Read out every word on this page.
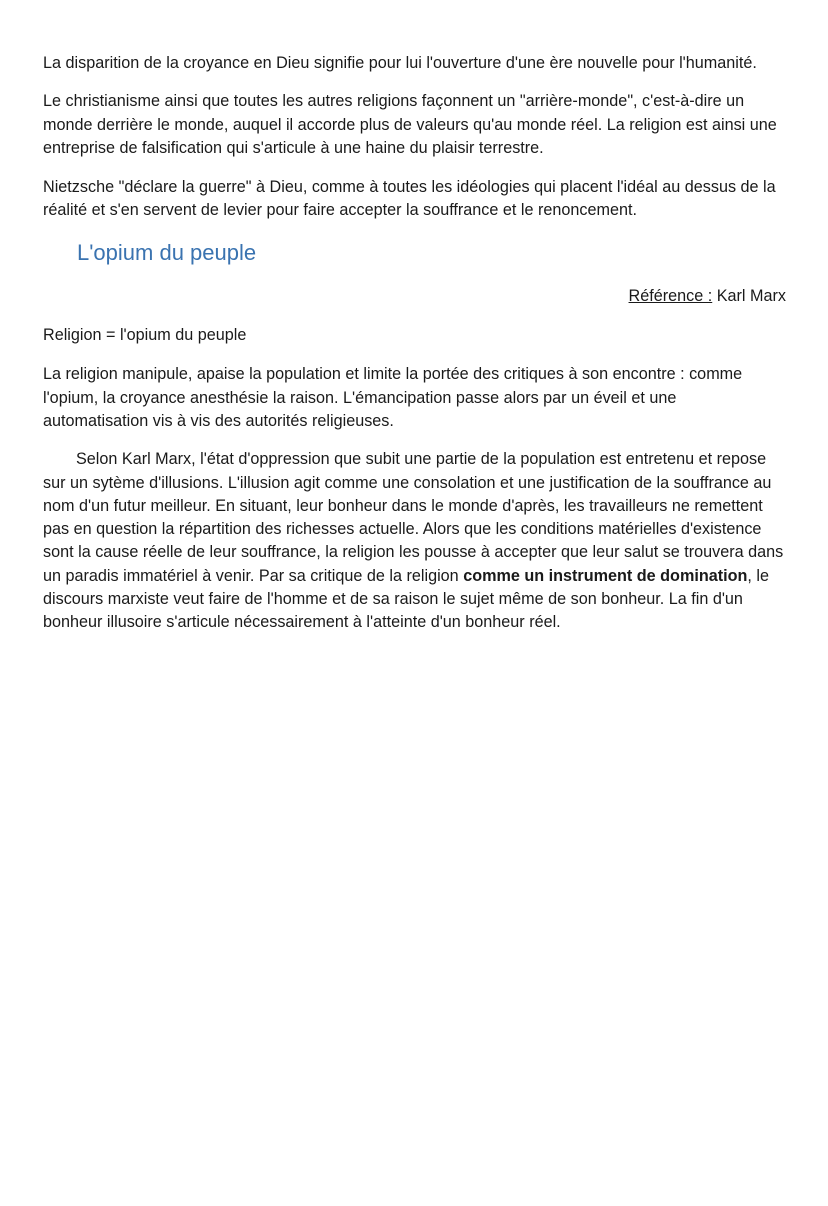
La disparition de la croyance en Dieu signifie pour lui l'ouverture d'une ère nouvelle pour l'humanité.

Le christianisme ainsi que toutes les autres religions façonnent un "arrière-monde", c'est-à-dire un monde derrière le monde, auquel il accorde plus de valeurs qu'au monde réel. La religion est ainsi une entreprise de falsification qui s'articule à une haine du plaisir terrestre.

Nietzsche "déclare la guerre" à Dieu, comme à toutes les idéologies qui placent l'idéal au dessus de la réalité et s'en servent de levier pour faire accepter la souffrance et le renoncement.

L'opium du peuple

Référence : Karl Marx

Religion = l'opium du peuple

La religion manipule, apaise la population et limite la portée des critiques à son encontre : comme l'opium, la croyance anesthésie la raison. L'émancipation passe alors par un éveil et une automatisation vis à vis des autorités religieuses.

Selon Karl Marx, l'état d'oppression que subit une partie de la population est entretenu et repose sur un sytème d'illusions. L'illusion agit comme une consolation et une justification de la souffrance au nom d'un futur meilleur. En situant, leur bonheur dans le monde d'après, les travailleurs ne remettent pas en question la répartition des richesses actuelle. Alors que les conditions matérielles d'existence sont la cause réelle de leur souffrance, la religion les pousse à accepter que leur salut se trouvera dans un paradis immatériel à venir. Par sa critique de la religion comme un instrument de domination, le discours marxiste veut faire de l'homme et de sa raison le sujet même de son bonheur. La fin d'un bonheur illusoire s'articule nécessairement à l'atteinte d'un bonheur réel.
